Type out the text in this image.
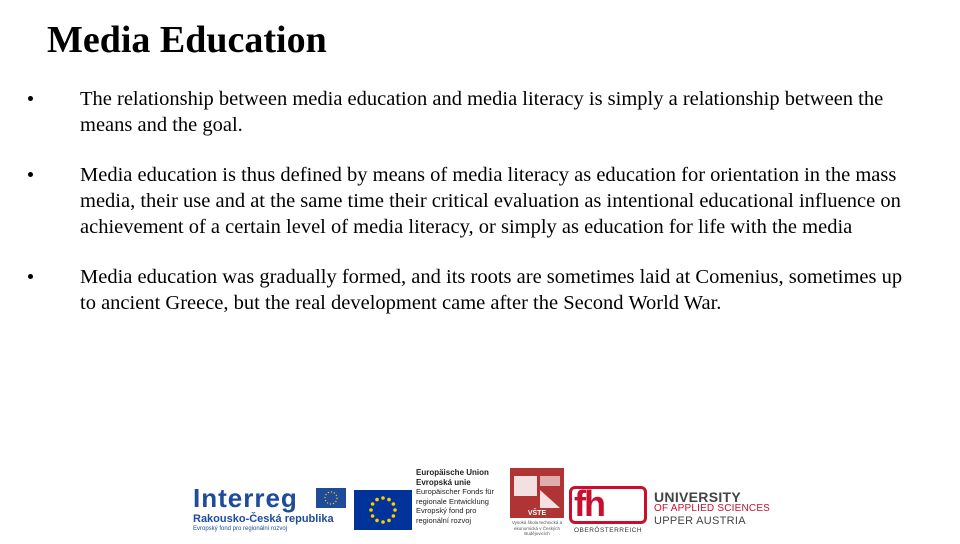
Media Education
The relationship between media education and media literacy is simply a relationship between the means and the goal.
Media education is thus defined by means of media literacy as education for orientation in the mass media, their use and at the same time their critical evaluation as intentional educational influence on achievement of a certain level of media literacy, or simply as education for life with the media
Media education was gradually formed, and its roots are sometimes laid at Comenius, sometimes up to ancient Greece, but the real development came after the Second World War.
Interreg
Rakousko-Česká republika
Evropský fond pro regionální rozvoj
Europäische Union
Evropská unie
Europäischer Fonds für
regionale Entwicklung
Evropský fond pro
regionální rozvoj
VŠTE
Vysoká škola technická a ekonomická v Českých Budějovicích
fh
OBERÖSTERREICH
UNIVERSITY
OF APPLIED SCIENCES
UPPER AUSTRIA
